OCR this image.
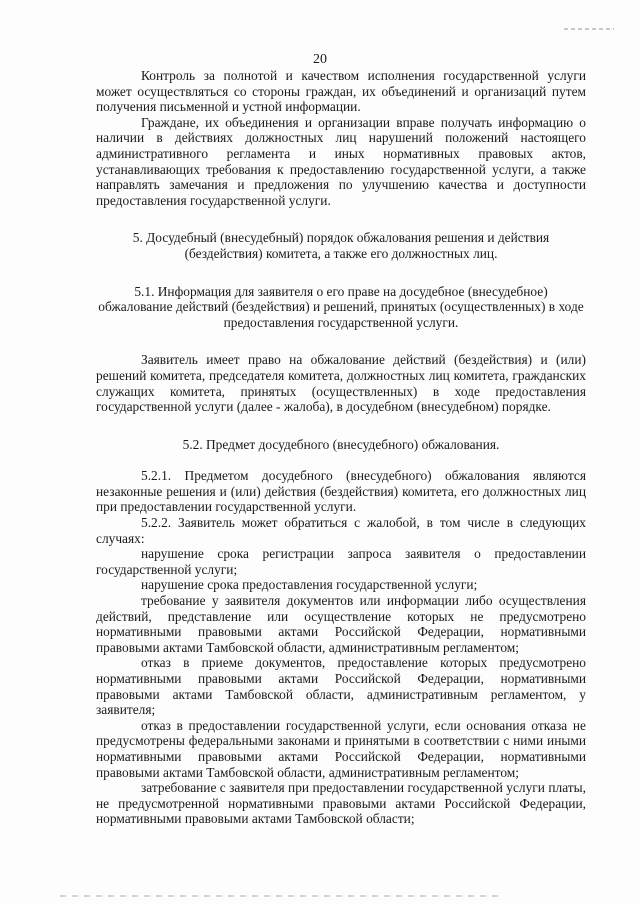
20

Контроль за полнотой и качеством исполнения государственной услуги может осуществляться со стороны граждан, их объединений и организаций путем получения письменной и устной информации.

Граждане, их объединения и организации вправе получать информацию о наличии в действиях должностных лиц нарушений положений настоящего административного регламента и иных нормативных правовых актов, устанавливающих требования к предоставлению государственной услуги, а также направлять замечания и предложения по улучшению качества и доступности предоставления государственной услуги.

5. Досудебный (внесудебный) порядок обжалования решения и действия (бездействия) комитета, а также его должностных лиц.

5.1. Информация для заявителя о его праве на досудебное (внесудебное) обжалование действий (бездействия) и решений, принятых (осуществленных) в ходе предоставления государственной услуги.

Заявитель имеет право на обжалование действий (бездействия) и (или) решений комитета, председателя комитета, должностных лиц комитета, гражданских служащих комитета, принятых (осуществленных) в ходе предоставления государственной услуги (далее - жалоба), в досудебном (внесудебном) порядке.

5.2. Предмет досудебного (внесудебного) обжалования.

5.2.1. Предметом досудебного (внесудебного) обжалования являются незаконные решения и (или) действия (бездействия) комитета, его должностных лиц при предоставлении государственной услуги.

5.2.2. Заявитель может обратиться с жалобой, в том числе в следующих случаях:

нарушение срока регистрации запроса заявителя о предоставлении государственной услуги;

нарушение срока предоставления государственной услуги;

требование у заявителя документов или информации либо осуществления действий, представление или осуществление которых не предусмотрено нормативными правовыми актами Российской Федерации, нормативными правовыми актами Тамбовской области, административным регламентом;

отказ в приеме документов, предоставление которых предусмотрено нормативными правовыми актами Российской Федерации, нормативными правовыми актами Тамбовской области, административным регламентом, у заявителя;

отказ в предоставлении государственной услуги, если основания отказа не предусмотрены федеральными законами и принятыми в соответствии с ними иными нормативными правовыми актами Российской Федерации, нормативными правовыми актами Тамбовской области, административным регламентом;

затребование с заявителя при предоставлении государственной услуги платы, не предусмотренной нормативными правовыми актами Российской Федерации, нормативными правовыми актами Тамбовской области;
